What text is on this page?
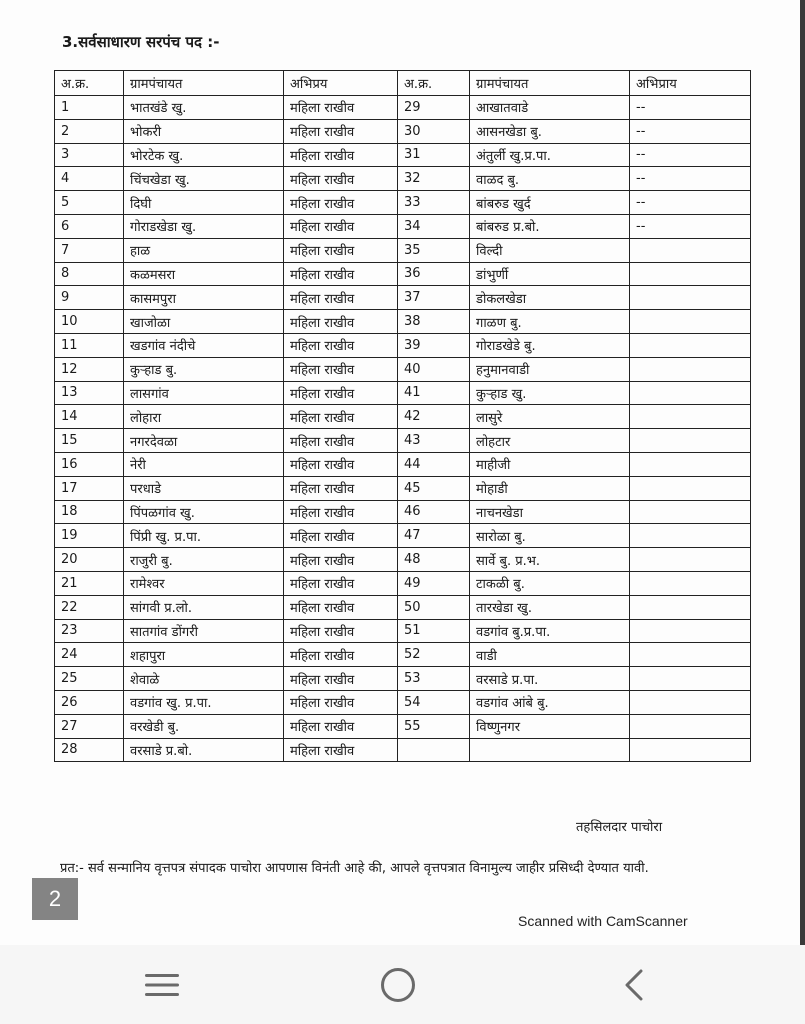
3.सर्वसाधारण सरपंच पद :-
अ.क्र.	ग्रामपंचायत	अभिप्रय	अ.क्र.	ग्रामपंचायत	अभिप्राय
1	भातखंडे खु.	महिला राखीव	29	आखातवाडे	--
2	भोकरी	महिला राखीव	30	आसनखेडा बु.	--
3	भोरटेक खु.	महिला राखीव	31	अंतुर्ली खु.प्र.पा.	--
4	चिंचखेडा खु.	महिला राखीव	32	वाळद बु.	--
5	दिघी	महिला राखीव	33	बांबरुड खुर्द	--
6	गोराडखेडा खु.	महिला राखीव	34	बांबरुड प्र.बो.	--
7	हाळ	महिला राखीव	35	विल्दी	
8	कळमसरा	महिला राखीव	36	डांभुर्णी	
9	कासमपुरा	महिला राखीव	37	डोकलखेडा	
10	खाजोळा	महिला राखीव	38	गाळण बु.	
11	खडगांव नंदीचे	महिला राखीव	39	गोराडखेडे बु.	
12	कुऱ्हाड बु.	महिला राखीव	40	हनुमानवाडी	
13	लासगांव	महिला राखीव	41	कुऱ्हाड खु.	
14	लोहारा	महिला राखीव	42	लासुरे	
15	नगरदेवळा	महिला राखीव	43	लोहटार	
16	नेरी	महिला राखीव	44	माहीजी	
17	परधाडे	महिला राखीव	45	मोहाडी	
18	पिंपळगांव खु.	महिला राखीव	46	नाचनखेडा	
19	पिंप्री खु. प्र.पा.	महिला राखीव	47	सारोळा बु.	
20	राजुरी बु.	महिला राखीव	48	सार्वे बु. प्र.भ.	
21	रामेश्वर	महिला राखीव	49	टाकळी बु.	
22	सांगवी प्र.लो.	महिला राखीव	50	तारखेडा खु.	
23	सातगांव डोंगरी	महिला राखीव	51	वडगांव बु.प्र.पा.	
24	शहापुरा	महिला राखीव	52	वाडी	
25	शेवाळे	महिला राखीव	53	वरसाडे प्र.पा.	
26	वडगांव खु. प्र.पा.	महिला राखीव	54	वडगांव आंबे बु.	
27	वरखेडी बु.	महिला राखीव	55	विष्णुनगर	
28	वरसाडे प्र.बो.	महिला राखीव			
तहसिलदार पाचोरा
प्रत:- सर्व सन्मानिय वृत्तपत्र संपादक पाचोरा आपणास विनंती आहे की, आपले वृत्तपत्रात विनामुल्य जाहीर प्रसिध्दी देण्यात यावी.
Scanned with CamScanner
2
